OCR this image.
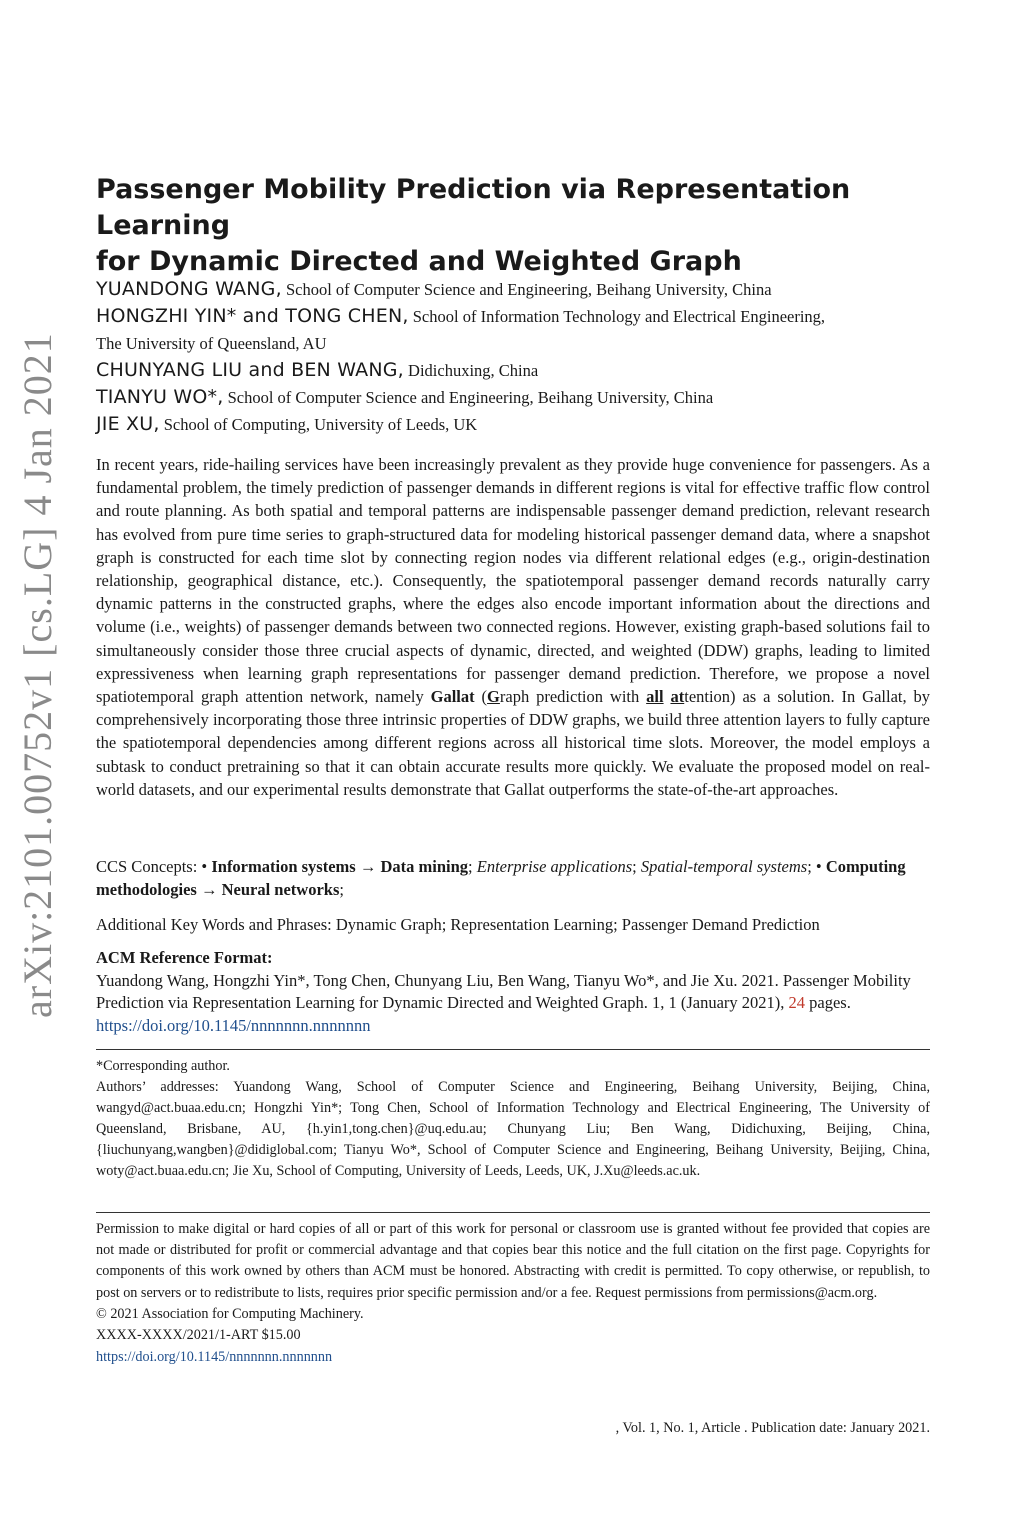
arXiv:2101.00752v1 [cs.LG] 4 Jan 2021
Passenger Mobility Prediction via Representation Learning
for Dynamic Directed and Weighted Graph
YUANDONG WANG, School of Computer Science and Engineering, Beihang University, China
HONGZHI YIN* and TONG CHEN, School of Information Technology and Electrical Engineering,
The University of Queensland, AU
CHUNYANG LIU and BEN WANG, Didichuxing, China
TIANYU WO*, School of Computer Science and Engineering, Beihang University, China
JIE XU, School of Computing, University of Leeds, UK
In recent years, ride-hailing services have been increasingly prevalent as they provide huge convenience for passengers. As a fundamental problem, the timely prediction of passenger demands in different regions is vital for effective traffic flow control and route planning. As both spatial and temporal patterns are indispensable passenger demand prediction, relevant research has evolved from pure time series to graph-structured data for modeling historical passenger demand data, where a snapshot graph is constructed for each time slot by connecting region nodes via different relational edges (e.g., origin-destination relationship, geographical distance, etc.). Consequently, the spatiotemporal passenger demand records naturally carry dynamic patterns in the constructed graphs, where the edges also encode important information about the directions and volume (i.e., weights) of passenger demands between two connected regions. However, existing graph-based solutions fail to simultaneously consider those three crucial aspects of dynamic, directed, and weighted (DDW) graphs, leading to limited expressiveness when learning graph representations for passenger demand prediction. Therefore, we propose a novel spatiotemporal graph attention network, namely Gallat (Graph prediction with all attention) as a solution. In Gallat, by comprehensively incorporating those three intrinsic properties of DDW graphs, we build three attention layers to fully capture the spatiotemporal dependencies among different regions across all historical time slots. Moreover, the model employs a subtask to conduct pretraining so that it can obtain accurate results more quickly. We evaluate the proposed model on real-world datasets, and our experimental results demonstrate that Gallat outperforms the state-of-the-art approaches.
CCS Concepts: • Information systems → Data mining; Enterprise applications; Spatial-temporal systems; • Computing methodologies → Neural networks;
Additional Key Words and Phrases: Dynamic Graph; Representation Learning; Passenger Demand Prediction
ACM Reference Format:
Yuandong Wang, Hongzhi Yin*, Tong Chen, Chunyang Liu, Ben Wang, Tianyu Wo*, and Jie Xu. 2021. Passenger Mobility Prediction via Representation Learning for Dynamic Directed and Weighted Graph. 1, 1 (January 2021), 24 pages. https://doi.org/10.1145/nnnnnnn.nnnnnnn
*Corresponding author.
Authors’ addresses: Yuandong Wang, School of Computer Science and Engineering, Beihang University, Beijing, China, wangyd@act.buaa.edu.cn; Hongzhi Yin*; Tong Chen, School of Information Technology and Electrical Engineering, The University of Queensland, Brisbane, AU, {h.yin1,tong.chen}@uq.edu.au; Chunyang Liu; Ben Wang, Didichuxing, Beijing, China, {liuchunyang,wangben}@didiglobal.com; Tianyu Wo*, School of Computer Science and Engineering, Beihang University, Beijing, China, woty@act.buaa.edu.cn; Jie Xu, School of Computing, University of Leeds, Leeds, UK, J.Xu@leeds.ac.uk.
Permission to make digital or hard copies of all or part of this work for personal or classroom use is granted without fee provided that copies are not made or distributed for profit or commercial advantage and that copies bear this notice and the full citation on the first page. Copyrights for components of this work owned by others than ACM must be honored. Abstracting with credit is permitted. To copy otherwise, or republish, to post on servers or to redistribute to lists, requires prior specific permission and/or a fee. Request permissions from permissions@acm.org.
© 2021 Association for Computing Machinery.
XXXX-XXXX/2021/1-ART $15.00
https://doi.org/10.1145/nnnnnnn.nnnnnnn
, Vol. 1, No. 1, Article . Publication date: January 2021.
